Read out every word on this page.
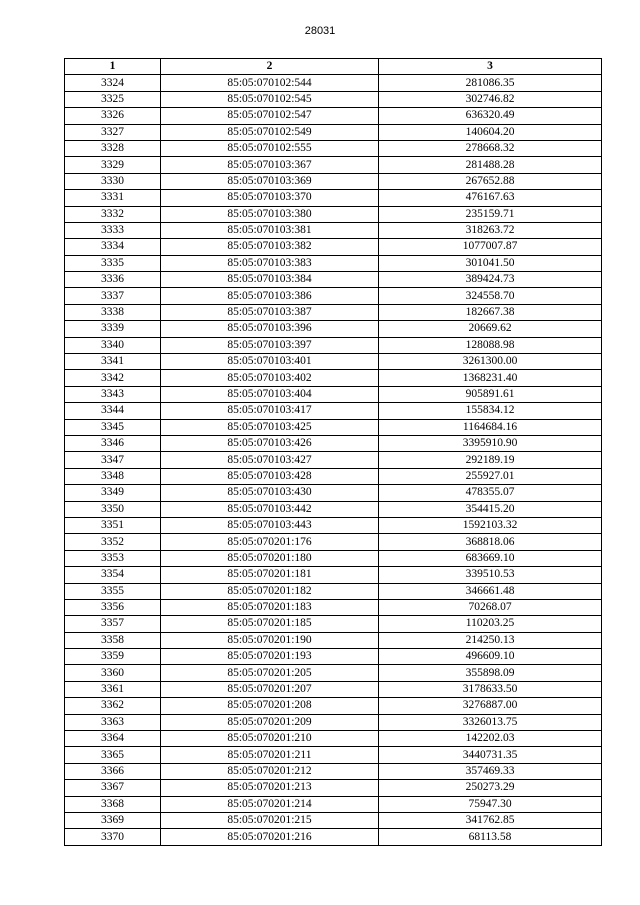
28031
1	2	3
3324	85:05:070102:544	281086.35
3325	85:05:070102:545	302746.82
3326	85:05:070102:547	636320.49
3327	85:05:070102:549	140604.20
3328	85:05:070102:555	278668.32
3329	85:05:070103:367	281488.28
3330	85:05:070103:369	267652.88
3331	85:05:070103:370	476167.63
3332	85:05:070103:380	235159.71
3333	85:05:070103:381	318263.72
3334	85:05:070103:382	1077007.87
3335	85:05:070103:383	301041.50
3336	85:05:070103:384	389424.73
3337	85:05:070103:386	324558.70
3338	85:05:070103:387	182667.38
3339	85:05:070103:396	20669.62
3340	85:05:070103:397	128088.98
3341	85:05:070103:401	3261300.00
3342	85:05:070103:402	1368231.40
3343	85:05:070103:404	905891.61
3344	85:05:070103:417	155834.12
3345	85:05:070103:425	1164684.16
3346	85:05:070103:426	3395910.90
3347	85:05:070103:427	292189.19
3348	85:05:070103:428	255927.01
3349	85:05:070103:430	478355.07
3350	85:05:070103:442	354415.20
3351	85:05:070103:443	1592103.32
3352	85:05:070201:176	368818.06
3353	85:05:070201:180	683669.10
3354	85:05:070201:181	339510.53
3355	85:05:070201:182	346661.48
3356	85:05:070201:183	70268.07
3357	85:05:070201:185	110203.25
3358	85:05:070201:190	214250.13
3359	85:05:070201:193	496609.10
3360	85:05:070201:205	355898.09
3361	85:05:070201:207	3178633.50
3362	85:05:070201:208	3276887.00
3363	85:05:070201:209	3326013.75
3364	85:05:070201:210	142202.03
3365	85:05:070201:211	3440731.35
3366	85:05:070201:212	357469.33
3367	85:05:070201:213	250273.29
3368	85:05:070201:214	75947.30
3369	85:05:070201:215	341762.85
3370	85:05:070201:216	68113.58
